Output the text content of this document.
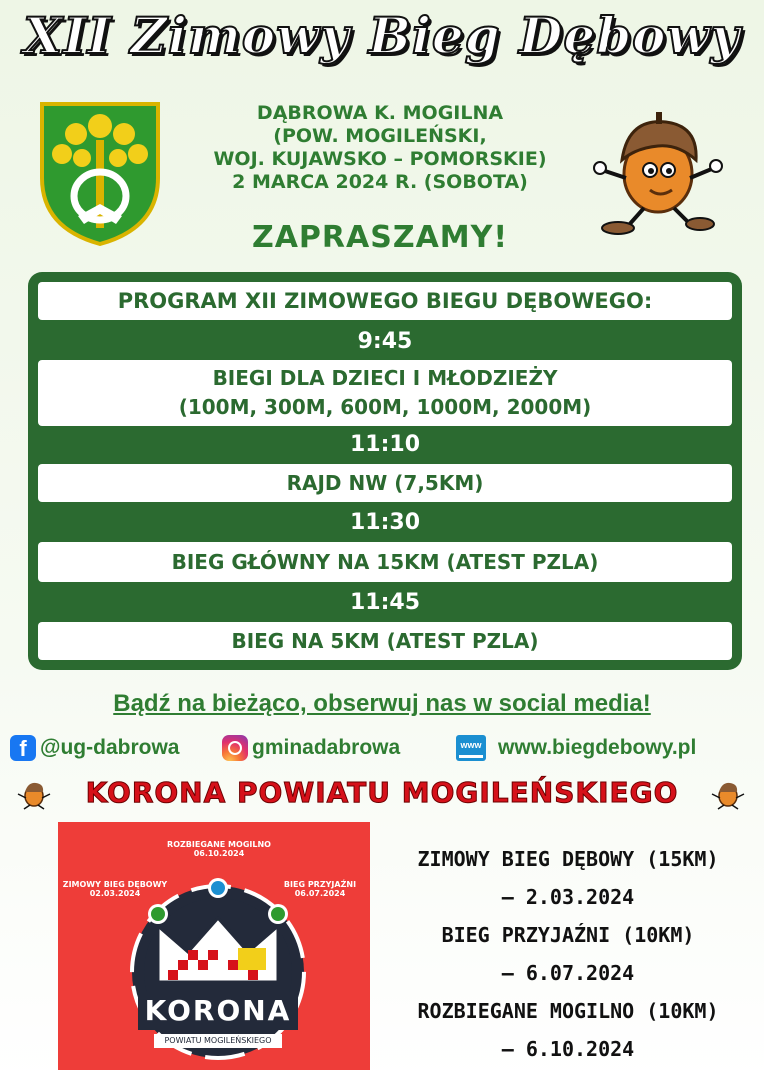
XII Zimowy Bieg Dębowy
DĄBROWA K. MOGILNA
(POW. MOGILEŃSKI,
WOJ. KUJAWSKO – POMORSKIE)
2 MARCA 2024 R. (SOBOTA)
ZAPRASZAMY!
PROGRAM XII ZIMOWEGO BIEGU DĘBOWEGO:
9:45
BIEGI DLA DZIECI I MŁODZIEŻY
(100M, 300M, 600M, 1000M, 2000M)
11:10
RAJD NW (7,5KM)
11:30
BIEG GŁÓWNY NA 15KM (ATEST PZLA)
11:45
BIEG NA 5KM (ATEST PZLA)
Bądź na bieżąco, obserwuj nas w social media!
f @ug-dabrowa	gminadabrowa	www www.biegdebowy.pl
KORONA POWIATU MOGILEŃSKIEGO
ROZBIEGANE MOGILNO
06.10.2024
ZIMOWY BIEG DĘBOWY
02.03.2024
BIEG PRZYJAŹNI
06.07.2024
KORONA
POWIATU MOGILEŃSKIEGO
ZIMOWY BIEG DĘBOWY (15KM)
– 2.03.2024
BIEG PRZYJAŹNI (10KM)
– 6.07.2024
ROZBIEGANE MOGILNO (10KM)
– 6.10.2024
